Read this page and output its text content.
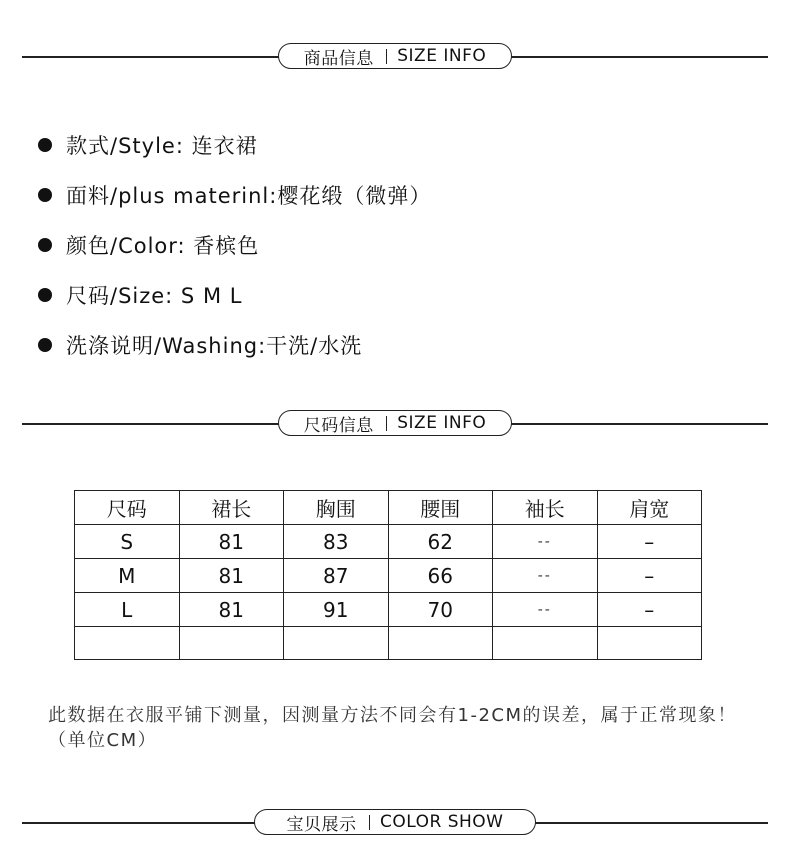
商品信息 SIZE INFO
款式/Style: 连衣裙
面料/plus materinl:樱花缎（微弹）
颜色/Color: 香槟色
尺码/Size: S M L
洗涤说明/Washing:干洗/水洗
尺码信息 SIZE INFO
尺码	裙长	胸围	腰围	袖长	肩宽
S	81	83	62	--	–
M	81	87	66	--	–
L	81	91	70	--	–

此数据在衣服平铺下测量，因测量方法不同会有1-2CM的误差，属于正常现象！（单位CM）

宝贝展示 COLOR SHOW
